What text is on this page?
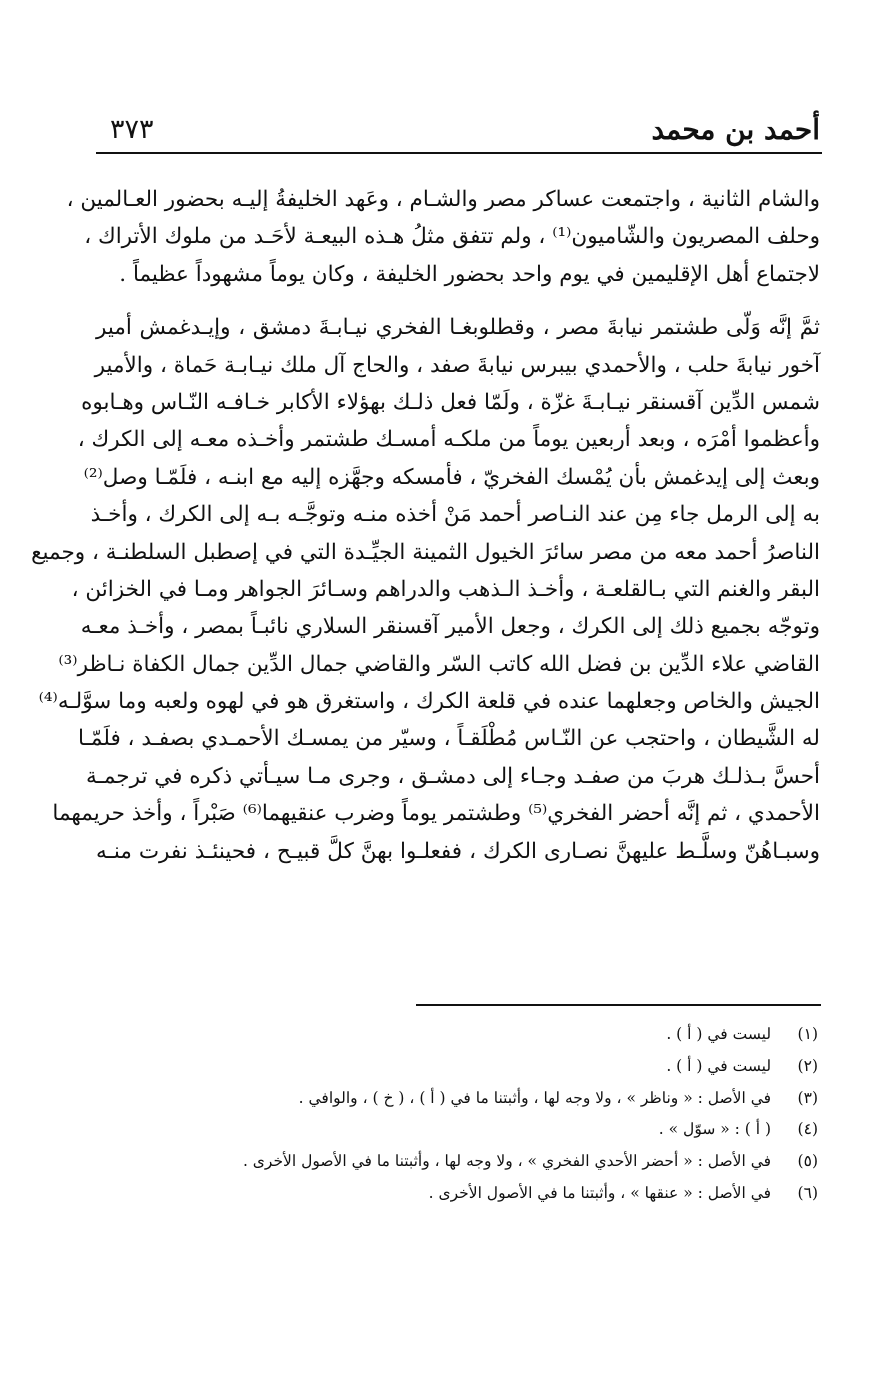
أحمد بن محمد
٣٧٣
والشام الثانية ، واجتمعت عساكر مصر والشـام ، وعَهد الخليفةُ إليـه بحضور العـالمين ،
وحلف المصريون والشّاميون⁽¹⁾ ، ولم تتفق مثلُ هـذه البيعـة لأحَـد من ملوك الأتراك ،
لاجتماع أهل الإقليمين في يوم واحد بحضور الخليفة ، وكان يوماً مشهوداً عظيماً .
ثمَّ إنَّه وَلّى طشتمر نيابةَ مصر ، وقطلوبغـا الفخري نيـابـةَ دمشق ، وإيـدغمش أمير
آخور نيابةَ حلب ، والأحمدي بيبرس نيابةَ صفد ، والحاج آل ملك نيـابـة حَماة ، والأمير
شمس الدِّين آقسنقر نيـابـةَ غزّة ، ولَمّا فعل ذلـك بهؤلاء الأكابر خـافـه النّـاس وهـابوه
وأعظموا أمْرَه ، وبعد أربعين يوماً من ملكـه أمسـك طشتمر وأخـذه معـه إلى الكرك ،
وبعث إلى إيدغمش بأن يُمْسك الفخريّ ، فأمسكه وجهَّزه إليه مع ابنـه ، فلَمّـا وصل⁽²⁾
به إلى الرمل جاء مِن عند النـاصر أحمد مَنْ أخذه منـه وتوجَّـه بـه إلى الكرك ، وأخـذ
الناصرُ أحمد معه من مصر سائرَ الخيول الثمينة الجيِّـدة التي في إصطبل السلطنـة ، وجميع
البقر والغنم التي بـالقلعـة ، وأخـذ الـذهب والدراهم وسـائرَ الجواهر ومـا في الخزائن ،
وتوجّه بجميع ذلك إلى الكرك ، وجعل الأمير آقسنقر السلاري نائبـاً بمصر ، وأخـذ معـه
القاضي علاء الدِّين بن فضل الله كاتب السّر والقاضي جمال الدِّين جمال الكفاة نـاظر⁽³⁾
الجيش والخاص وجعلهما عنده في قلعة الكرك ، واستغرق هو في لهوه ولعبه وما سوَّلـه⁽⁴⁾
له الشَّيطان ، واحتجب عن النّـاس مُطْلَقـاً ، وسيّر من يمسـك الأحمـدي بصفـد ، فلَمّـا
أحسَّ بـذلـك هربَ من صفـد وجـاء إلى دمشـق ، وجرى مـا سيـأتي ذكره في ترجمـة
الأحمدي ، ثم إنَّه أحضر الفخري⁽⁵⁾ وطشتمر يوماً وضرب عنقيهما⁽⁶⁾ صَبْراً ، وأخذ حريمهما
وسبـاهُنّ وسلَّـط عليهنَّ نصـارى الكرك ، ففعلـوا بهنَّ كلَّ قبيـح ، فحينئـذ نفرت منـه
(١) ليست في ( أ ) .
(٢) ليست في ( أ ) .
(٣) في الأصل : « وناظر » ، ولا وجه لها ، وأثبتنا ما في ( أ ) ، ( خ ) ، والوافي .
(٤) ( أ ) : « سوّل » .
(٥) في الأصل : « أحضر الأحدي الفخري » ، ولا وجه لها ، وأثبتنا ما في الأصول الأخرى .
(٦) في الأصل : « عنقها » ، وأثبتنا ما في الأصول الأخرى .
